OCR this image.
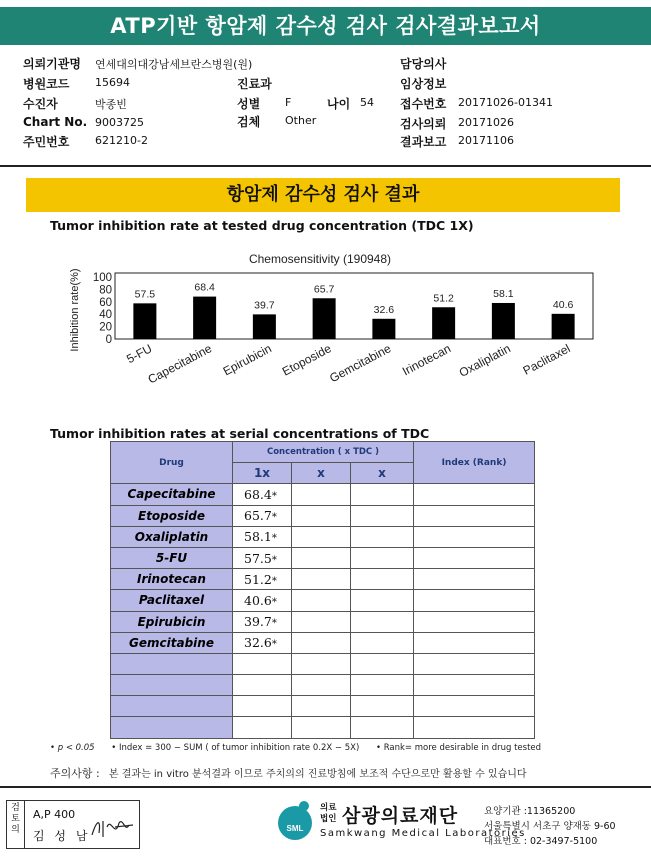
ATP기반 항암제 감수성 검사 검사결과보고서
의뢰기관명 연세대의대강남세브란스병원(원)
병원코드 15694
수진자	박종빈
Chart No. 9003725
주민번호 621210-2
진료과
성별 F	나이 54
검체 Other
담당의사
임상정보
접수번호 20171026-01341
검사의뢰 20171026
결과보고 20171106
항암제 감수성 검사 결과
Tumor inhibition rate at tested drug concentration (TDC 1X)
Chemosensitivity (190948)
Inhibition rate(%) 0
20
40
60
80
100
57.5
5-FU
68.4
Capecitabine
39.7
Epirubicin
65.7
Etoposide
32.6
Gemcitabine
51.2
Irinotecan
58.1
Oxaliplatin
40.6
Paclitaxel
Tumor inhibition rates at serial concentrations of TDC
Drug	Concentration ( x TDC )			Index (Rank)
	1x	x	x	
Capecitabine	68.4*			
Etoposide	65.7*			
Oxaliplatin	58.1*			
5-FU	57.5*			
Irinotecan	51.2*			
Paclitaxel	40.6*			
Epirubicin	39.7*			
Gemcitabine	32.6*			

• p < 0.05 • Index = 300 − SUM ( of tumor inhibition rate 0.2X − 5X) • Rank= more desirable in drug tested
주의사항 : 본 결과는 in vitro 분석결과 이므로 주치의의 진료방침에 보조적 수단으로만 활용할 수 있습니다
검
토
의
A,P 400
김 성 남
SML
의료
법인 삼광의료재단
Samkwang Medical Laboratories
요양기관 :11365200
서울특별시 서초구 양재동 9-60
대표번호 : 02-3497-5100
